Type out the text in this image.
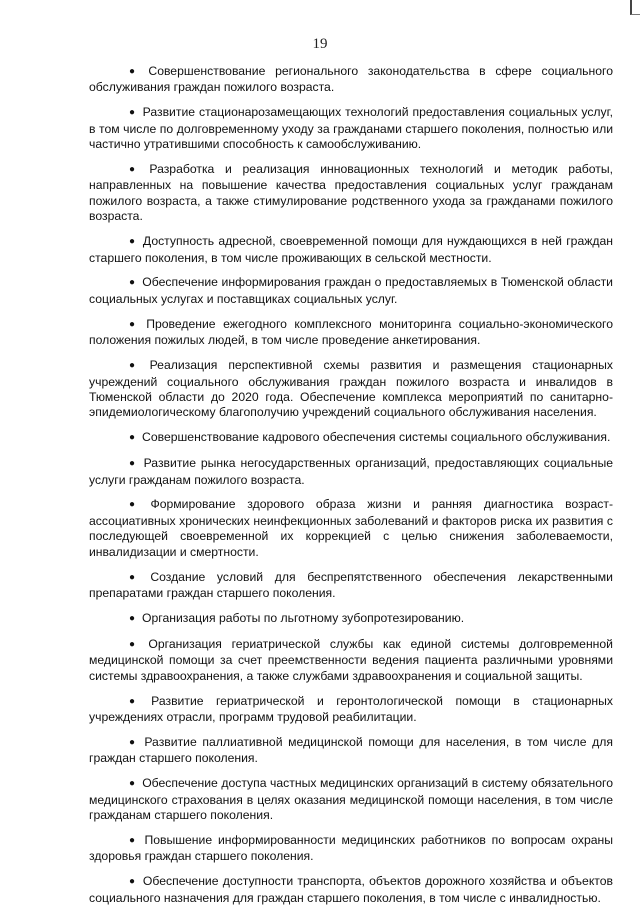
19

● Совершенствование регионального законодательства в сфере социального обслуживания граждан пожилого возраста.

● Развитие стационарозамещающих технологий предоставления социальных услуг, в том числе по долговременному уходу за гражданами старшего поколения, полностью или частично утратившими способность к самообслуживанию.

● Разработка и реализация инновационных технологий и методик работы, направленных на повышение качества предоставления социальных услуг гражданам пожилого возраста, а также стимулирование родственного ухода за гражданами пожилого возраста.

● Доступность адресной, своевременной помощи для нуждающихся в ней граждан старшего поколения, в том числе проживающих в сельской местности.

● Обеспечение информирования граждан о предоставляемых в Тюменской области социальных услугах и поставщиках социальных услуг.

● Проведение ежегодного комплексного мониторинга социально-экономического положения пожилых людей, в том числе проведение анкетирования.

● Реализация перспективной схемы развития и размещения стационарных учреждений социального обслуживания граждан пожилого возраста и инвалидов в Тюменской области до 2020 года. Обеспечение комплекса мероприятий по санитарно-эпидемиологическому благополучию учреждений социального обслуживания населения.

● Совершенствование кадрового обеспечения системы социального обслуживания.

● Развитие рынка негосударственных организаций, предоставляющих социальные услуги гражданам пожилого возраста.

● Формирование здорового образа жизни и ранняя диагностика возраст-ассоциативных хронических неинфекционных заболеваний и факторов риска их развития с последующей своевременной их коррекцией с целью снижения заболеваемости, инвалидизации и смертности.

● Создание условий для беспрепятственного обеспечения лекарственными препаратами граждан старшего поколения.

● Организация работы по льготному зубопротезированию.

● Организация гериатрической службы как единой системы долговременной медицинской помощи за счет преемственности ведения пациента различными уровнями системы здравоохранения, а также службами здравоохранения и социальной защиты.

● Развитие гериатрической и геронтологической помощи в стационарных учреждениях отрасли, программ трудовой реабилитации.

● Развитие паллиативной медицинской помощи для населения, в том числе для граждан старшего поколения.

● Обеспечение доступа частных медицинских организаций в систему обязательного медицинского страхования в целях оказания медицинской помощи населения, в том числе гражданам старшего поколения.

● Повышение информированности медицинских работников по вопросам охраны здоровья граждан старшего поколения.

● Обеспечение доступности транспорта, объектов дорожного хозяйства и объектов социального назначения для граждан старшего поколения, в том числе с инвалидностью.
